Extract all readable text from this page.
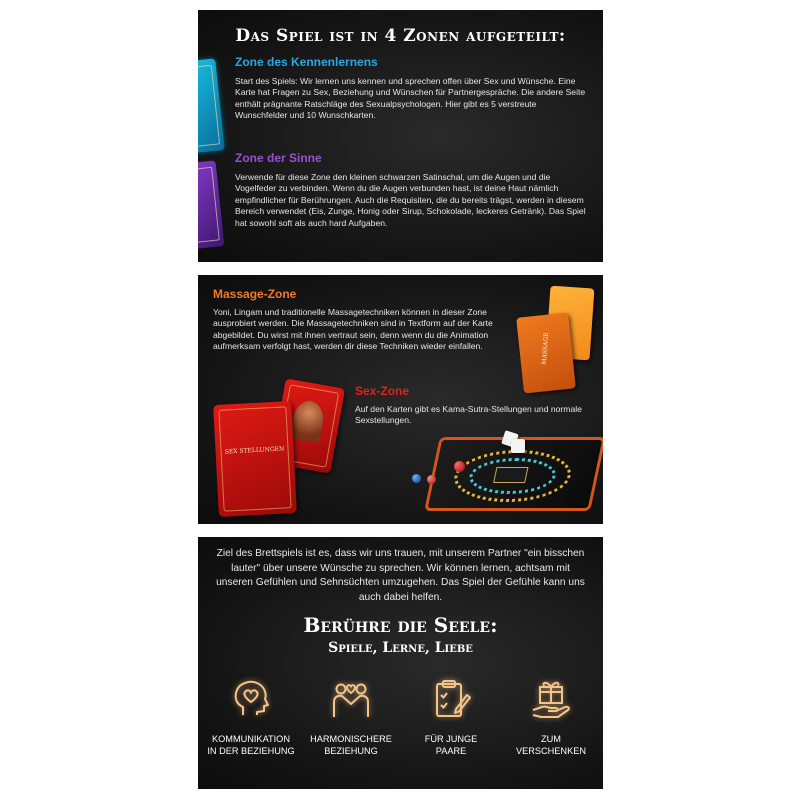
Das Spiel ist in 4 Zonen aufgeteilt:
Zone des Kennenlernens

Start des Spiels: Wir lernen uns kennen und sprechen offen über Sex und Wünsche. Eine Karte hat Fragen zu Sex, Beziehung und Wünschen für Partnergespräche. Die andere Seite enthält prägnante Ratschläge des Sexualpsychologen. Hier gibt es 5 verstreute Wunschfelder und 10 Wunschkarten.

Zone der Sinne

Verwende für diese Zone den kleinen schwarzen Satinschal, um die Augen und die Vogelfeder zu verbinden. Wenn du die Augen verbunden hast, ist deine Haut nämlich empfindlicher für Berührungen. Auch die Requisiten, die du bereits trägst, werden in diesem Bereich verwendet (Eis, Zunge, Honig oder Sirup, Schokolade, leckeres Getränk). Das Spiel hat sowohl soft als auch hard Aufgaben.

Massage-Zone

Yoni, Lingam und traditionelle Massagetechniken können in dieser Zone ausprobiert werden. Die Massagetechniken sind in Textform auf der Karte abgebildet. Du wirst mit ihnen vertraut sein, denn wenn du die Animation aufmerksam verfolgt hast, werden dir diese Techniken wieder einfallen.	MASSAGE
Sex-Zone

Auf den Karten gibt es Kama-Sutra-Stellungen und normale Sexstellungen.

SEX STELLUNGEN

Ziel des Brettspiels ist es, dass wir uns trauen, mit unserem Partner "ein bisschen lauter" über unsere Wünsche zu sprechen. Wir können lernen, achtsam mit unseren Gefühlen und Sehnsüchten umzugehen. Das Spiel der Gefühle kann uns auch dabei helfen.

Berühre die Seele:
Spiele, Lerne, Liebe
KOMMUNIKATION
IN DER BEZIEHUNG
HARMONISCHERE
BEZIEHUNG
FÜR JUNGE
PAARE
ZUM
VERSCHENKEN
